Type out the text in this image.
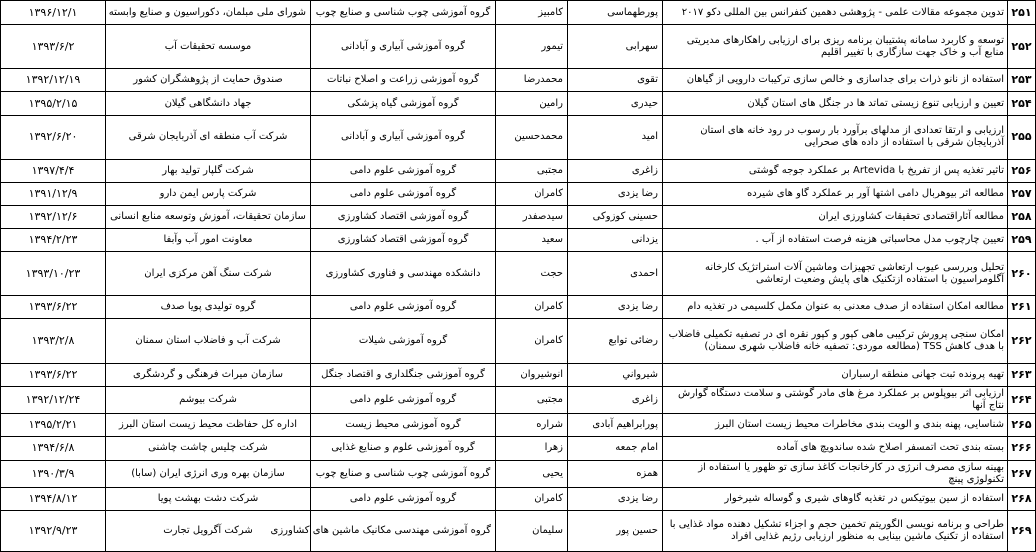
۲۵۱	تدوین مجموعه مقالات علمی - پژوهشی دهمین کنفرانس بین المللی دکو ۲۰۱۷	پورطهماسی	کامبیز	گروه آموزشی چوب شناسی و صنایع چوب	شورای ملی مبلمان، دکوراسیون و صنایع وابسته	۱۳۹۶/۱۲/۱
۲۵۲	توسعه و کاربرد سامانه پشتیبان برنامه ریزی برای ارزیابی راهکارهای مدیریتی منابع آب و خاک جهت سازگاری با تغییر اقلیم	سهرابی	تیمور	گروه آموزشی آبیاری و آبادانی	موسسه تحقیقات آب	۱۳۹۳/۶/۲
۲۵۳	استفاده از نانو ذرات برای جداسازی و خالص سازی ترکیبات دارویی از گیاهان	تقوی	محمدرضا	گروه آموزشی زراعت و اصلاح نباتات	صندوق حمایت از پژوهشگران کشور	۱۳۹۲/۱۲/۱۹
۲۵۴	تعیین و ارزیابی تنوع زیستی تماتد ها در جنگل های استان گیلان	حیدری	رامین	گروه آموزشی گیاه پزشکی	جهاد دانشگاهی گیلان	۱۳۹۵/۲/۱۵
۲۵۵	ارزیابی و ارتقا تعدادی از مدلهای برآورد بار رسوب در رود خانه های استان آذربایجان شرقی با استفاده از داده های صحرایی	امید	محمدحسین	گروه آموزشی آبیاری و آبادانی	شرکت آب منطقه ای آذربایجان شرقی	۱۳۹۲/۶/۲۰
۲۵۶	تاثیر تغذیه پس از تفریخ با Artevida بر عملکرد جوجه گوشتی	زاغری	مجتبی	گروه آموزشی علوم دامی	شرکت گلپار تولید بهار	۱۳۹۷/۴/۴
۲۵۷	مطالعه اثر بیوهربال دامی اشتها آور بر عملکرد گاو های شیرده	رضا یزدی	کامران	گروه آموزشی علوم دامی	شرکت پارس ایمن دارو	۱۳۹۱/۱۲/۹
۲۵۸	مطالعه آثاراقتصادی تحقیقات کشاورزی ایران	حسینی کوزوکی	سیدصفدر	گروه آموزشی اقتصاد کشاورزی	سازمان تحقیقات، آموزش وتوسعه منابع انسانی	۱۳۹۲/۱۲/۶
۲۵۹	تعیین چارچوب مدل محاسباتی هزینه فرصت استفاده از آب .	یزدانی	سعید	گروه آموزشی اقتصاد کشاورزی	معاونت امور آب وآبفا	۱۳۹۴/۲/۲۳
۲۶۰	تحلیل وبررسی عیوب ارتعاشی تجهیزات وماشین آلات استراتژیک کارخانه آگلومراسیون با استفاده ازتکنیک های پایش وضعیت ارتعاشی	احمدی	حجت	دانشکده مهندسی و فناوری کشاورزی	شرکت سنگ آهن مرکزی ایران	۱۳۹۳/۱۰/۲۳
۲۶۱	مطالعه امکان استفاده از صدف معدنی به عنوان مکمل کلسیمی در تغذیه دام	رضا یزدی	کامران	گروه آموزشی علوم دامی	گروه تولیدی پویا صدف	۱۳۹۳/۶/۲۲
۲۶۲	امکان سنجی پرورش ترکیبی ماهی کپور و کپور نقره ای در تصفیه تکمیلی فاضلاب با هدف کاهش TSS (مطالعه موردی: تصفیه خانه فاضلاب شهری سمنان)	رضائی توابع	کامران	گروه آموزشی شیلات	شرکت آب و فاضلاب استان سمنان	۱۳۹۳/۲/۸
۲۶۳	تهیه پرونده ثبت جهانی منطقه ارسباران	شیرواني	انوشیروان	گروه آموزشی جنگلداری و اقتصاد جنگل	سازمان میراث فرهنگی و گردشگری	۱۳۹۳/۶/۲۲
۲۶۴	ارزیابی اثر بیوپلوس بر عملکرد مرغ های مادر گوشتی و سلامت دستگاه گوارش نتاج آنها	زاغری	مجتبی	گروه آموزشی علوم دامی	شرکت بیوشم	۱۳۹۲/۱۲/۲۴
۲۶۵	شناسایی، پهنه بندی و الویت بندی مخاطرات محیط زیست استان البرز	پورابراهیم آبادی	شراره	گروه آموزشی محیط زیست	اداره کل حفاظت محیط زیست استان البرز	۱۳۹۵/۲/۲۱
۲۶۶	بسته بندی تحت اتمسفر اصلاح شده ساندویچ های آماده	امام جمعه	زهرا	گروه آموزشی علوم و صنایع غذایی	شرکت چلیس چاشت چاشنی	۱۳۹۴/۶/۸
۲۶۷	بهینه سازی مصرف انرژی در کارخانجات کاغذ سازی تو ظهور یا استفاده از تکنولوژی پینچ	همزه	یحیی	گروه آموزشی چوب شناسی و صنایع چوب	سازمان بهره وری انرژی ایران (سابا)	۱۳۹۰/۳/۹
۲۶۸	استفاده از سین بیوتیکس در تغذیه گاوهای شیری و گوساله شیرخوار	رضا یزدی	کامران	گروه آموزشی علوم دامی	شرکت دشت بهشت پویا	۱۳۹۴/۸/۱۲
۲۶۹	طراحی و برنامه نویسی الگوریتم تخمین حجم و اجزاء تشکیل دهنده مواد غذایی با استفاده از تکنیک ماشین بینایی به منظور ارزیابی رژیم غذایی افراد	حسین پور	سلیمان	گروه آموزشی مهندسی مکانیک ماشین های کشاورزی	شرکت آگرویل تجارت	۱۳۹۲/۹/۲۳
